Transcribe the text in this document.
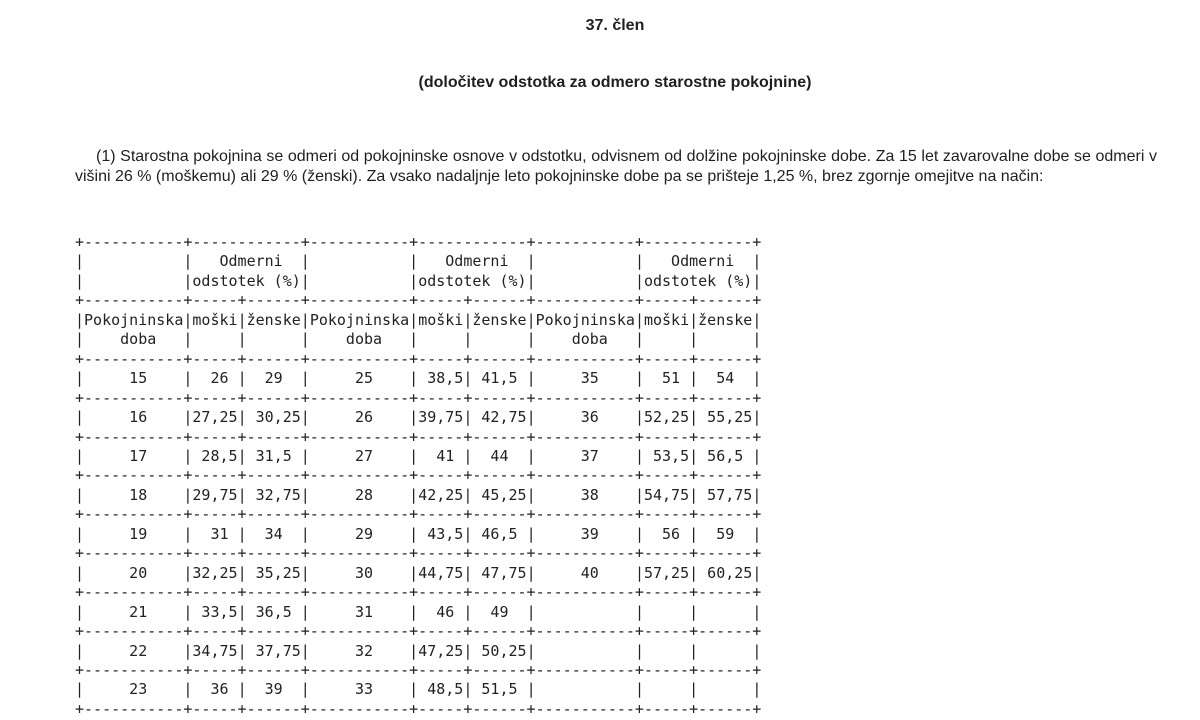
37. člen
(določitev odstotka za odmero starostne pokojnine)
(1) Starostna pokojnina se odmeri od pokojninske osnove v odstotku, odvisnem od dolžine pokojninske dobe. Za 15 let zavarovalne dobe se odmeri v višini 26 % (moškemu) ali 29 % (ženski). Za vsako nadaljnje leto pokojninske dobe pa se prišteje 1,25 %, brez zgornje omejitve na način:
+-----------+------------+-----------+------------+-----------+------------+
|	|   Odmerni  |	|   Odmerni  |	|   Odmerni  |
|	|odstotek (%)|	|odstotek (%)|	|odstotek (%)|
+-----------+-----+------+-----------+-----+------+-----------+-----+------+
|Pokojninska|moški|ženske|Pokojninska|moški|ženske|Pokojninska|moški|ženske|
|    doba   |	|	|    doba   |	|	|    doba   |	|	|
+-----------+-----+------+-----------+-----+------+-----------+-----+------+
|     15    |  26 |  29  |     25    | 38,5| 41,5 |     35    |  51 |  54  |
+-----------+-----+------+-----------+-----+------+-----------+-----+------+
|     16    |27,25| 30,25|     26    |39,75| 42,75|     36    |52,25| 55,25|
+-----------+-----+------+-----------+-----+------+-----------+-----+------+
|     17    | 28,5| 31,5 |     27    |  41 |  44  |     37    | 53,5| 56,5 |
+-----------+-----+------+-----------+-----+------+-----------+-----+------+
|     18    |29,75| 32,75|     28    |42,25| 45,25|     38    |54,75| 57,75|
+-----------+-----+------+-----------+-----+------+-----------+-----+------+
|     19    |  31 |  34  |     29    | 43,5| 46,5 |     39    |  56 |  59  |
+-----------+-----+------+-----------+-----+------+-----------+-----+------+
|     20    |32,25| 35,25|     30    |44,75| 47,75|     40    |57,25| 60,25|
+-----------+-----+------+-----------+-----+------+-----------+-----+------+
|     21    | 33,5| 36,5 |     31    |  46 |  49  |	|	|	|
+-----------+-----+------+-----------+-----+------+-----------+-----+------+
|     22    |34,75| 37,75|     32    |47,25| 50,25|	|	|	|
+-----------+-----+------+-----------+-----+------+-----------+-----+------+
|     23    |  36 |  39  |     33    | 48,5| 51,5 |	|	|	|
+-----------+-----+------+-----------+-----+------+-----------+-----+------+
